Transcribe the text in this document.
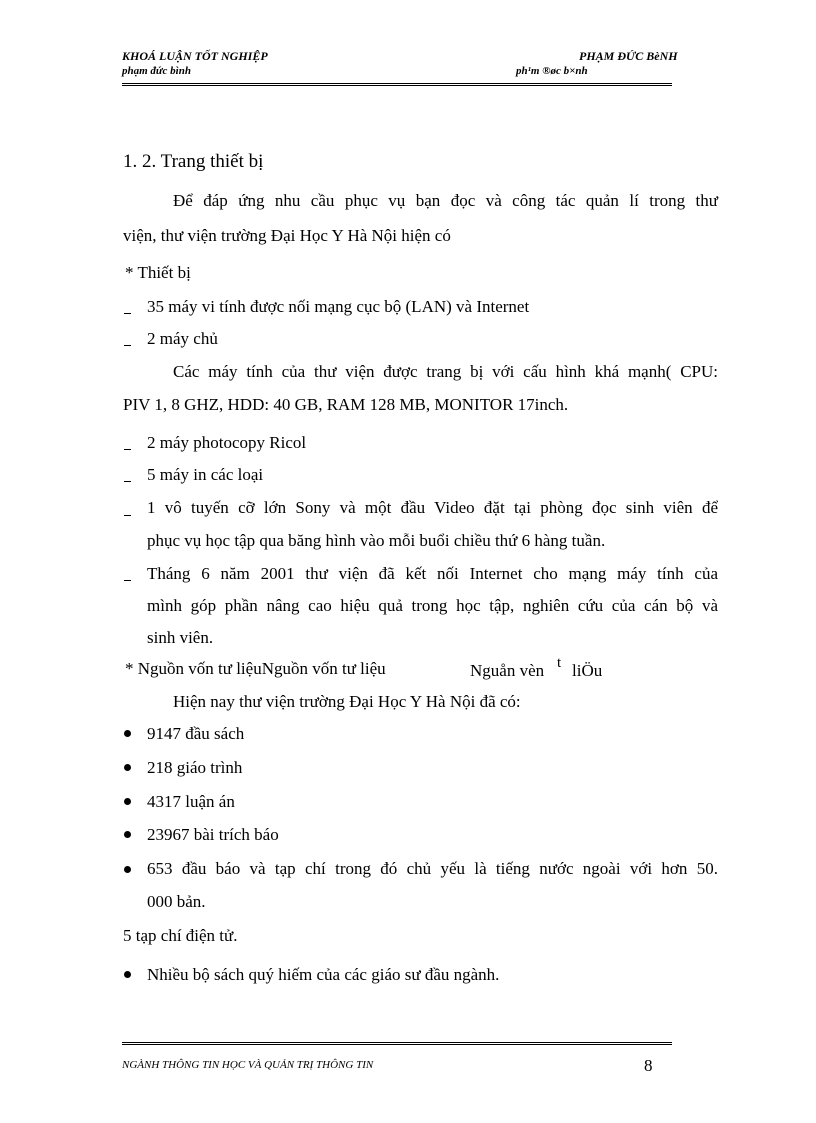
KHOÁ LUẬN TỐT NGHIỆP
phạm đức bình
PHẠM ĐỨC BèNH
ph¹m ®øc b×nh
1. 2. Trang thiết bị
Để đáp ứng nhu cầu phục vụ bạn đọc và công tác quản lí trong thư
viện, thư viện trường Đại Học Y Hà Nội hiện có
* Thiết bị
35 máy vi tính được nối mạng cục bộ (LAN) và Internet
2 máy chủ
Các máy tính của thư viện được trang bị với cấu hình khá mạnh( CPU:
PIV 1, 8 GHZ, HDD: 40 GB, RAM 128 MB, MONITOR 17inch.
2 máy photocopy Ricol
5 máy in các loại
1 vô tuyến cỡ lớn Sony và một đầu Video đặt tại phòng đọc sinh viên để
phục vụ học tập qua băng hình vào mỗi buổi chiều thứ 6 hàng tuần.
Tháng 6 năm 2001 thư viện đã kết nối Internet cho mạng máy tính của
mình góp phần nâng cao hiệu quả trong học tập, nghiên cứu của cán bộ và
sinh viên.
* Nguồn vốn tư liệuNguồn vốn tư liệu	Nguån vèn t liÖu
Hiện nay thư viện trường Đại Học Y Hà Nội đã có:
9147 đầu sách
218 giáo trình
4317 luận án
23967 bài trích báo
653 đầu báo và tạp chí trong đó chủ yếu là tiếng nước ngoài với hơn 50.
000 bản.
5 tạp chí điện tử.
Nhiều bộ sách quý hiếm của các giáo sư đầu ngành.
NGÀNH THÔNG TIN HỌC VÀ QUẢN TRỊ THÔNG TIN	8
